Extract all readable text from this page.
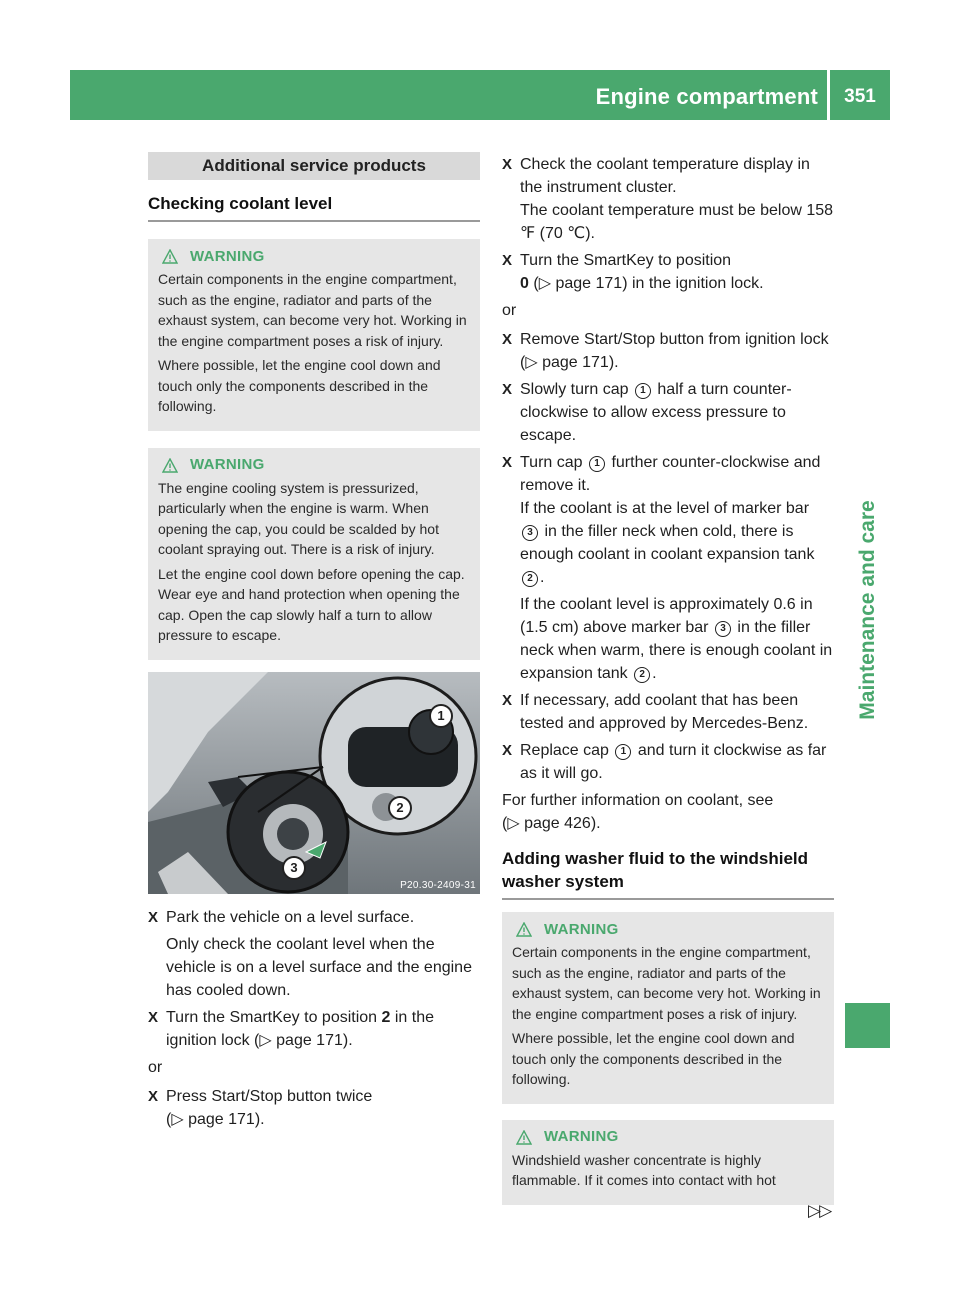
Engine compartment	351
Maintenance and care
Additional service products
Checking coolant level
WARNING

Certain components in the engine compartment, such as the engine, radiator and parts of the exhaust system, can become very hot. Working in the engine compartment poses a risk of injury.

Where possible, let the engine cool down and touch only the components described in the following.

WARNING

The engine cooling system is pressurized, particularly when the engine is warm. When opening the cap, you could be scalded by hot coolant spraying out. There is a risk of injury.

Let the engine cool down before opening the cap. Wear eye and hand protection when opening the cap. Open the cap slowly half a turn to allow pressure to escape.

1
2
3
P20.30-2409-31
X Park the vehicle on a level surface.

Only check the coolant level when the vehicle is on a level surface and the engine has cooled down.

X Turn the SmartKey to position 2 in the ignition lock (▷ page 171).

or

X Press Start/Stop button twice
(▷ page 171).

X Check the coolant temperature display in the instrument cluster.

The coolant temperature must be below 158 ℉ (70 ℃).

X Turn the SmartKey to position
0 (▷ page 171) in the ignition lock.

or

X Remove Start/Stop button from ignition lock (▷ page 171).

X Slowly turn cap 1 half a turn counter-clockwise to allow excess pressure to escape.

X Turn cap 1 further counter-clockwise and remove it.
If the coolant is at the level of marker bar
3 in the filler neck when cold, there is enough coolant in coolant expansion tank 2 .

If the coolant level is approximately 0.6 in (1.5 cm) above marker bar 3 in the filler neck when warm, there is enough coolant in expansion tank 2 .

X If necessary, add coolant that has been tested and approved by Mercedes-Benz.

X Replace cap 1 and turn it clockwise as far as it will go.

For further information on coolant, see
(▷ page 426).

Adding washer fluid to the windshield washer system
WARNING

Certain components in the engine compartment, such as the engine, radiator and parts of the exhaust system, can become very hot. Working in the engine compartment poses a risk of injury.

Where possible, let the engine cool down and touch only the components described in the following.

WARNING

Windshield washer concentrate is highly flammable. If it comes into contact with hot

▷▷
